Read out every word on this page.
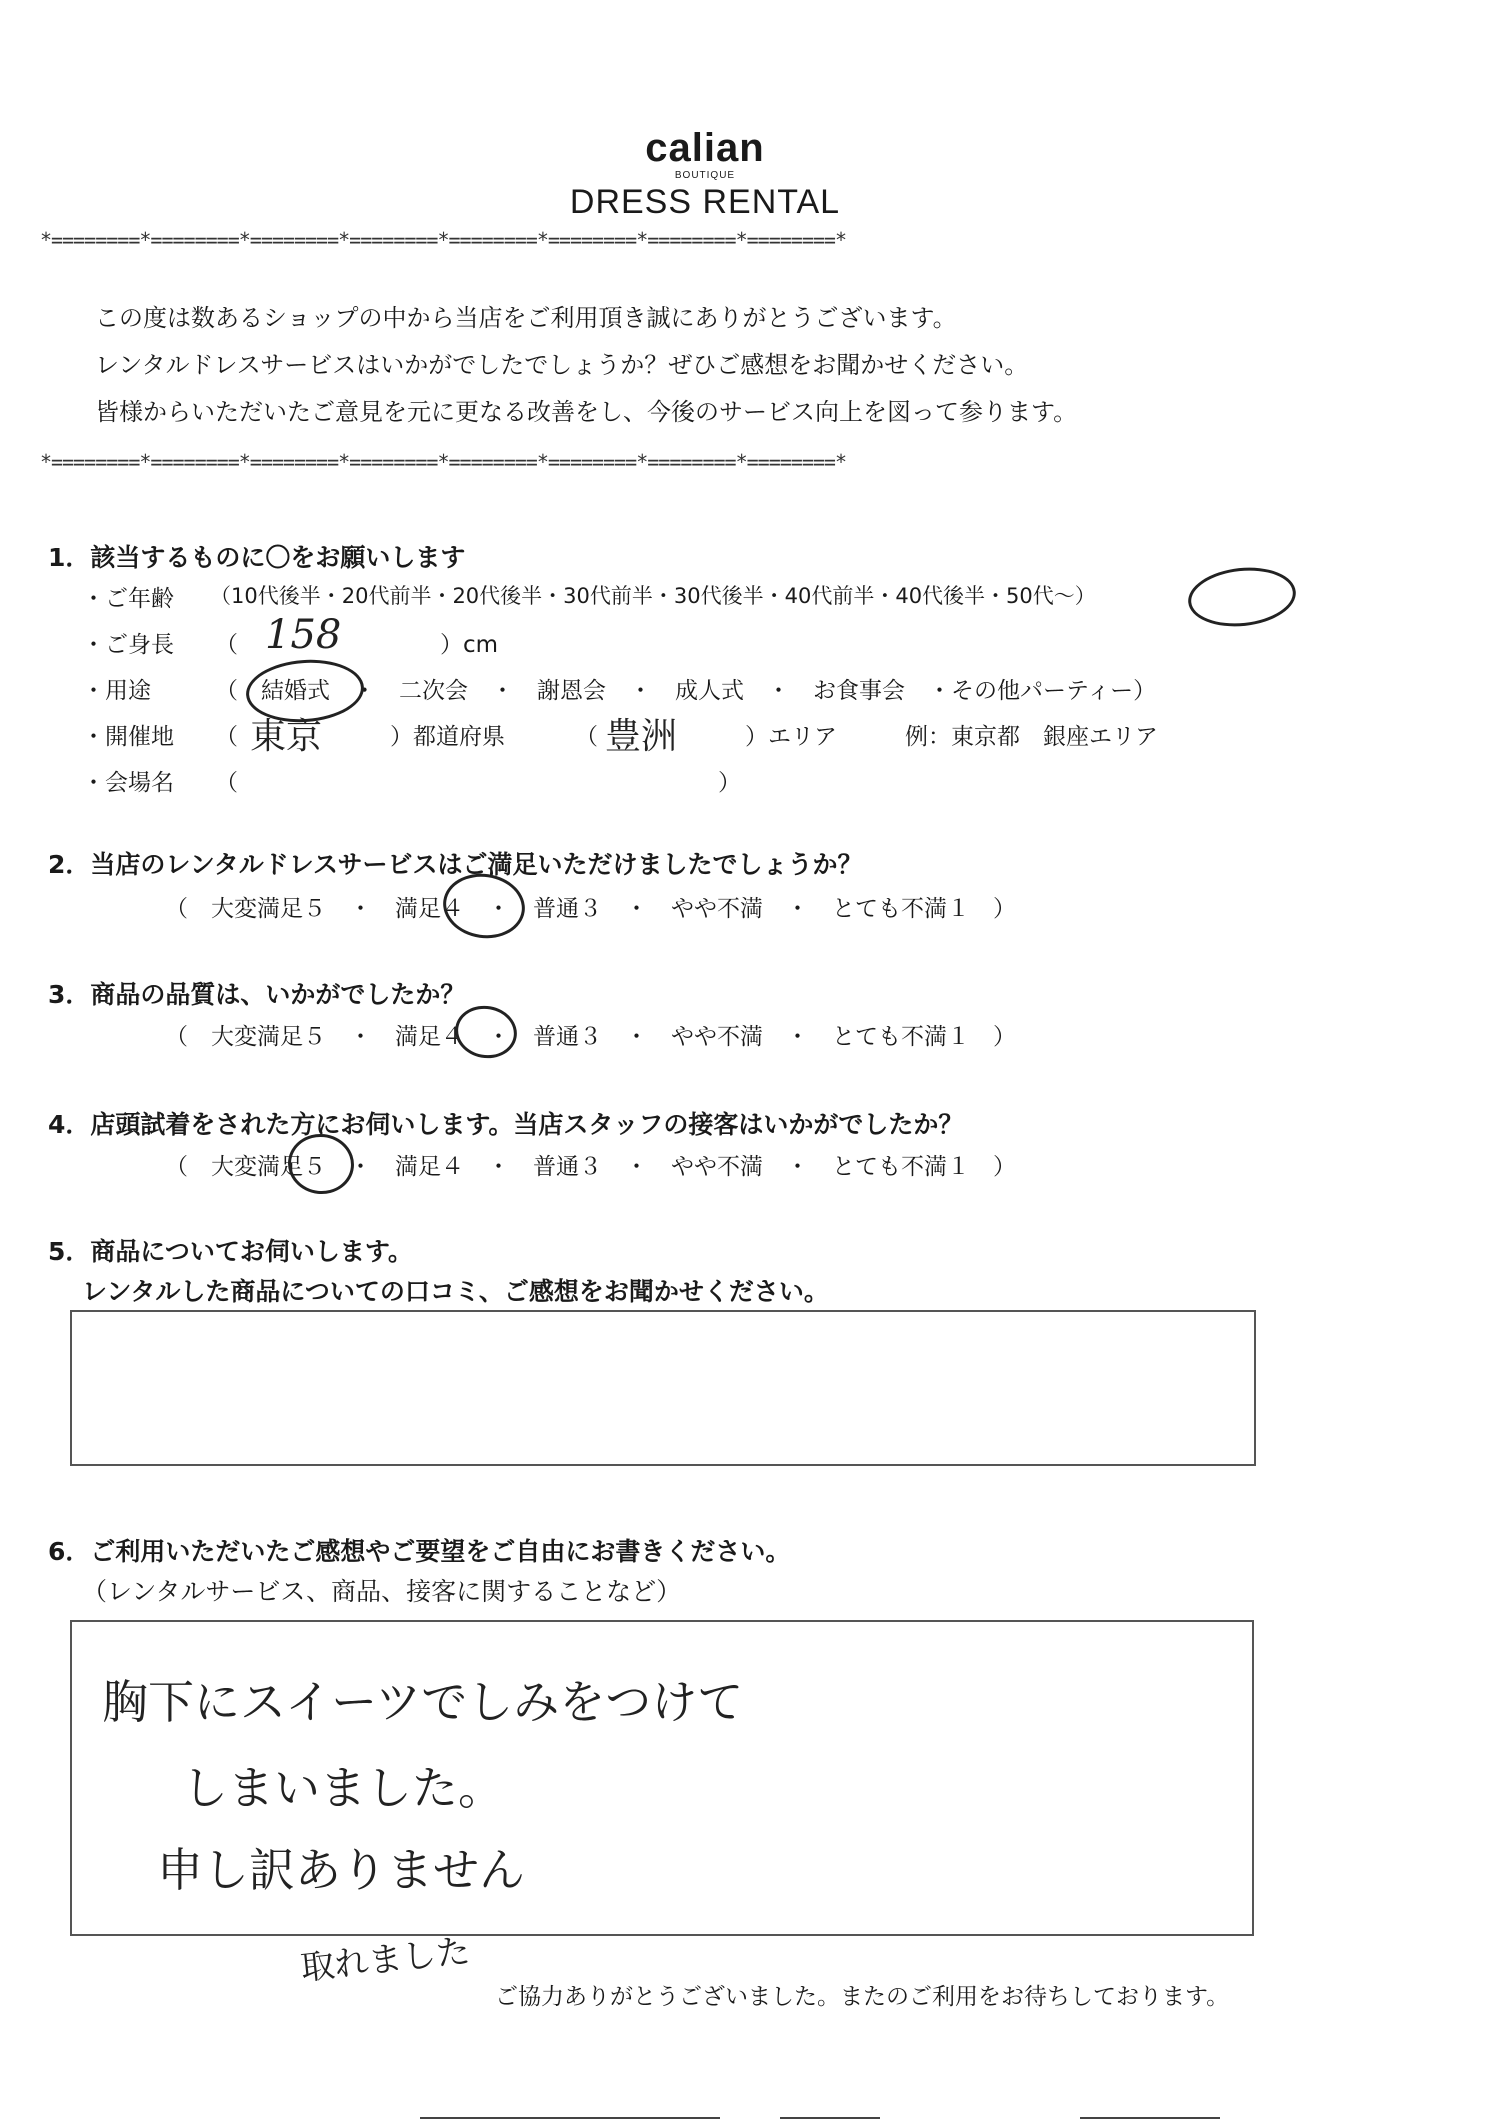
calian
BOUTIQUE
DRESS RENTAL
*========*========*========*========*========*========*========*========*
この度は数あるショップの中から当店をご利用頂き誠にありがとうございます。
レンタルドレスサービスはいかがでしたでしょうか？ぜひご感想をお聞かせください。
皆様からいただいたご意見を元に更なる改善をし、今後のサービス向上を図って参ります。
*========*========*========*========*========*========*========*========*
1．該当するものに〇をお願いします
・ご年齢 （10代後半・20代前半・20代後半・30代前半・30代後半・40代前半・40代後半・50代～）
・ご身長 （ 158	）cm
・用途	（　結婚式　・　二次会　・　謝恩会　・　成人式　・　お食事会　・その他パーティー）
・開催地 （ 東京	）都道府県	（ 豊洲	）エリア	例：東京都　銀座エリア
・会場名 （	）
2．当店のレンタルドレスサービスはご満足いただけましたでしょうか？
（　大変満足５　・　満足４　・　普通３　・　やや不満　・　とても不満１　）
3．商品の品質は、いかがでしたか？
（　大変満足５　・　満足４　・　普通３　・　やや不満　・　とても不満１　）
4．店頭試着をされた方にお伺いします。当店スタッフの接客はいかがでしたか？
（　大変満足５　・　満足４　・　普通３　・　やや不満　・　とても不満１　）
5．商品についてお伺いします。
レンタルした商品についての口コミ、ご感想をお聞かせください。
6．ご利用いただいたご感想やご要望をご自由にお書きください。
（レンタルサービス、商品、接客に関することなど）
胸下にスイーツでしみをつけて
しまいました。
申し訳ありません
取れました
ご協力ありがとうございました。またのご利用をお待ちしております。
